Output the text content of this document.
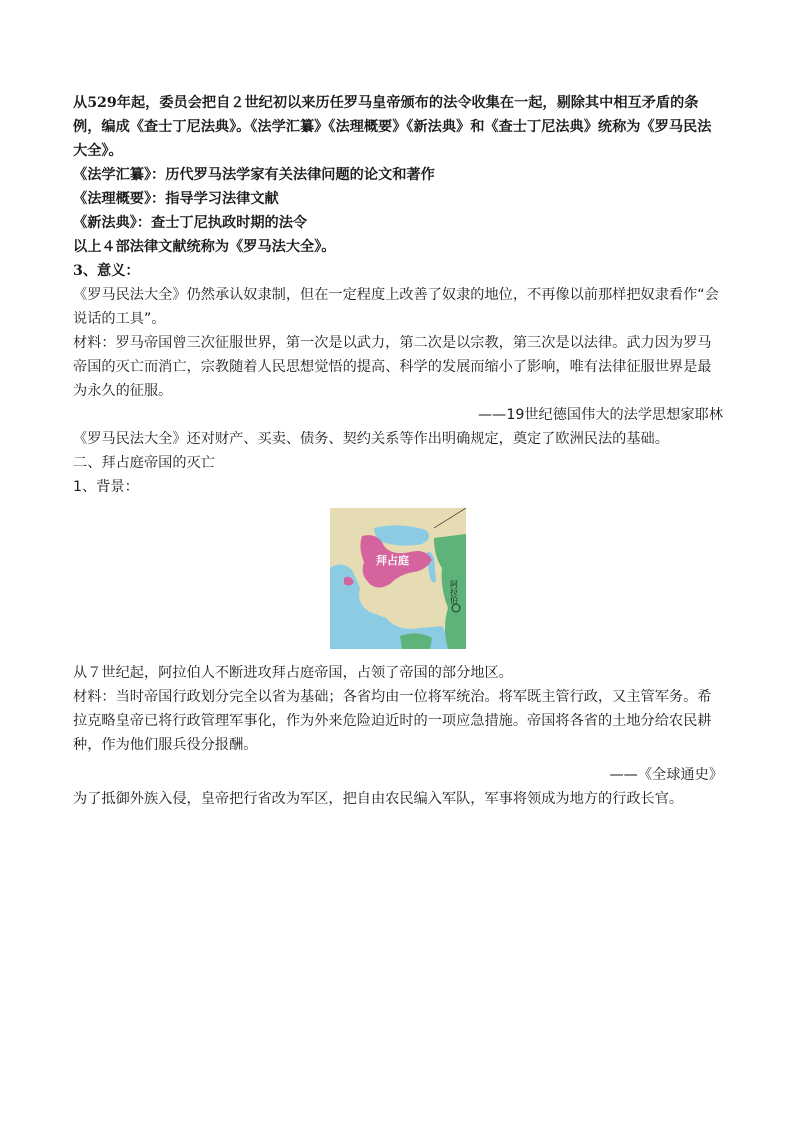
从529年起，委员会把自２世纪初以来历任罗马皇帝颁布的法令收集在一起，剔除其中相互矛盾的条例，编成《查士丁尼法典》。《法学汇纂》《法理概要》《新法典》和《查士丁尼法典》统称为《罗马民法大全》。

《法学汇纂》：历代罗马法学家有关法律问题的论文和著作

《法理概要》：指导学习法律文献

《新法典》：查士丁尼执政时期的法令

以上４部法律文献统称为《罗马法大全》。

3、意义：

《罗马民法大全》仍然承认奴隶制，但在一定程度上改善了奴隶的地位，不再像以前那样把奴隶看作“会说话的工具”。

材料：罗马帝国曾三次征服世界，第一次是以武力，第二次是以宗教，第三次是以法律。武力因为罗马帝国的灭亡而消亡，宗教随着人民思想觉悟的提高、科学的发展而缩小了影响，唯有法律征服世界是最为永久的征服。

——19世纪德国伟大的法学思想家耶林

《罗马民法大全》还对财产、买卖、债务、契约关系等作出明确规定，奠定了欧洲民法的基础。

二、拜占庭帝国的灭亡

1、背景：

拜占庭
阿拉伯

从７世纪起，阿拉伯人不断进攻拜占庭帝国，占领了帝国的部分地区。

材料：当时帝国行政划分完全以省为基础；各省均由一位将军统治。将军既主管行政，又主管军务。希拉克略皇帝已将行政管理军事化，作为外来危险迫近时的一项应急措施。帝国将各省的土地分给农民耕种，作为他们服兵役分报酬。

——《全球通史》

为了抵御外族入侵，皇帝把行省改为军区，把自由农民编入军队，军事将领成为地方的行政长官。
